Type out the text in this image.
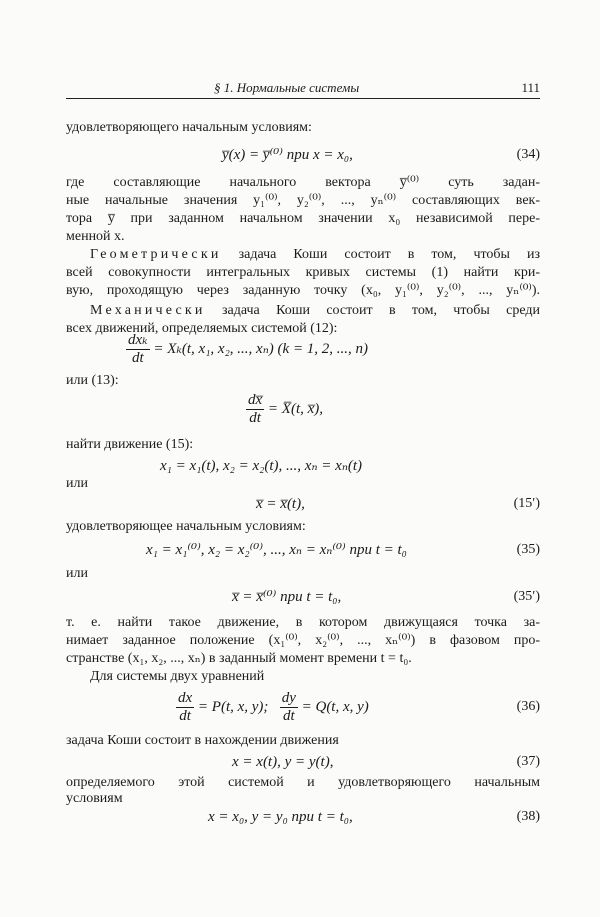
§ 1. Нормальные системы	111
удовлетворяющего начальным условиям:
y̅(x) = y̅⁽⁰⁾ при x = x₀,	(34)
где составляющие начального вектора y̅⁽⁰⁾ суть задан-
ные начальные значения y₁⁽⁰⁾, y₂⁽⁰⁾, ..., yₙ⁽⁰⁾ составляющих век-
тора y̅ при заданном начальном значении x₀ независимой пере-
менной x.
Геометрически задача Коши состоит в том, чтобы из
всей совокупности интегральных кривых системы (1) найти кри-
вую, проходящую через заданную точку (x₀, y₁⁽⁰⁾, y₂⁽⁰⁾, ..., yₙ⁽⁰⁾).
Механически задача Коши состоит в том, чтобы среди
всех движений, определяемых системой (12):
$\frac{\text{dxₖ}}{dt} = X_k(t$, x₁, x₂, ..., xₙ) (k = 1, 2, ..., n)
или (13):
$\frac{dx̅}{dt}$ = X̅(t, x̅),
найти движение (15):
x₁ = x₁(t), x₂ = x₂(t), ..., xₙ = xₙ(t)
или
x̅ = x̅(t),	(15′)
удовлетворяющее начальным условиям:
x₁ = x₁⁽⁰⁾, x₂ = x₂⁽⁰⁾, ..., xₙ = xₙ⁽⁰⁾ при t = t₀	(35)
или
x̅ = x̅⁽⁰⁾ при t = t₀,	(35′)
т. е. найти такое движение, в котором движущаяся точка за-
нимает заданное положение (x₁⁽⁰⁾, x₂⁽⁰⁾, ..., xₙ⁽⁰⁾) в фазовом про-
странстве (x₁, x₂, ..., xₙ) в заданный момент времени t = t₀.
Для системы двух уравнений
$\frac{dx}{dt} = P(t$, x, y); $\frac{dy}{dt} = Q(t$, x, y)	(36)
задача Коши состоит в нахождении движения
x = x(t), y = y(t),	(37)
определяемого этой системой и удовлетворяющего начальным
условиям
x = x₀, y = y₀ при t = t₀,	(38)
